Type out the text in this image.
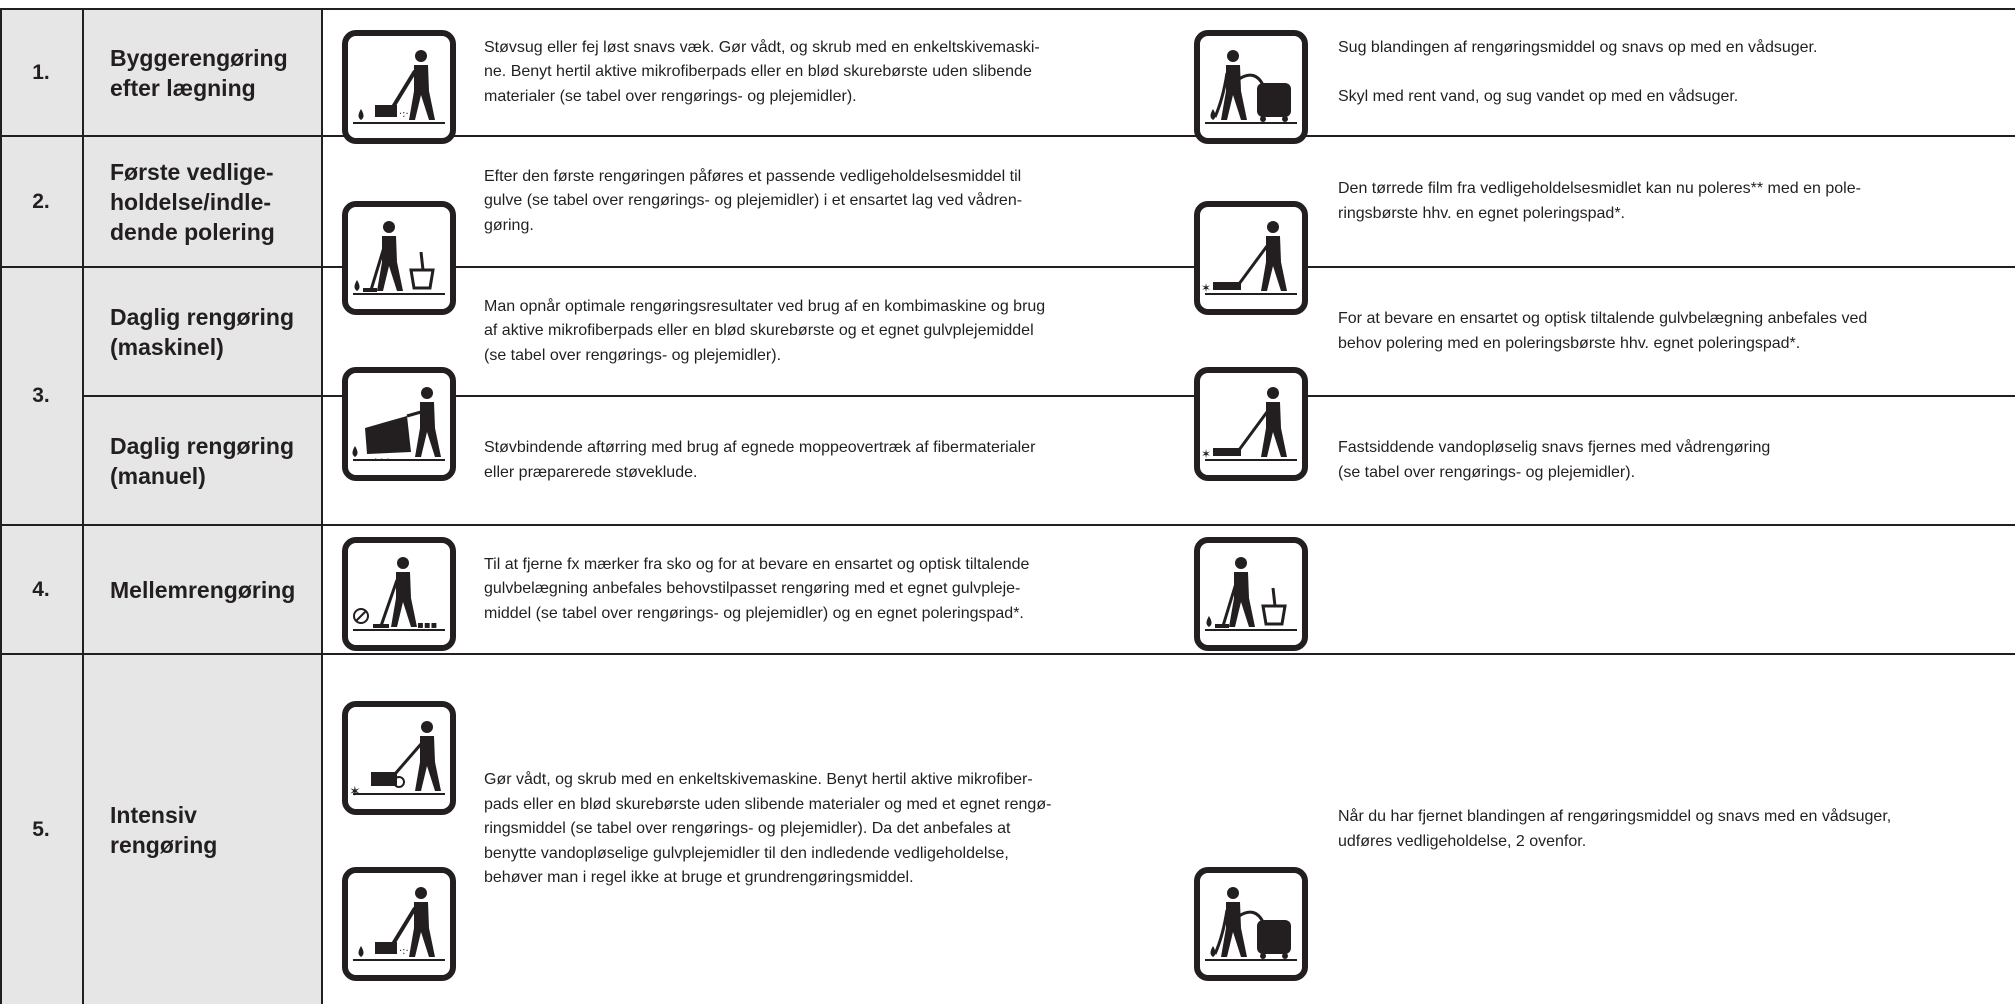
1.
Byggerengøring
efter lægning
·:·
Støvsug eller fej løst snavs væk. Gør vådt, og skrub med en enkeltskivemaski-
ne. Benyt hertil aktive mikrofiberpads eller en blød skurebørste uden slibende
materialer (se tabel over rengørings- og plejemidler).
Sug blandingen af rengøringsmiddel og snavs op med en vådsuger.

Skyl med rent vand, og sug vandet op med en vådsuger.
2.
Første vedlige-
holdelse/indle-
dende polering
Efter den første rengøringen påføres et passende vedligeholdelsesmiddel til
gulve (se tabel over rengørings- og plejemidler) i et ensartet lag ved vådren-
gøring.
✶
Den tørrede film fra vedligeholdelsesmidlet kan nu poleres** med en pole-
ringsbørste hhv. en egnet poleringspad*.
3.
Daglig rengøring
(maskinel)
-·-·-·
Man opnår optimale rengøringsresultater ved brug af en kombimaskine og brug
af aktive mikrofiberpads eller en blød skurebørste og et egnet gulvplejemiddel
(se tabel over rengørings- og plejemidler).
✶
For at bevare en ensartet og optisk tiltalende gulvbelægning anbefales ved
behov polering med en poleringsbørste hhv. egnet poleringspad*.
Daglig rengøring
(manuel)
▪▪▪
Støvbindende aftørring med brug af egnede moppeovertræk af fibermaterialer
eller præparerede støveklude.
Fastsiddende vandopløselig snavs fjernes med vådrengøring
(se tabel over rengørings- og plejemidler).
4.	Mellemrengøring
✶
Til at fjerne fx mærker fra sko og for at bevare en ensartet og optisk tiltalende
gulvbelægning anbefales behovstilpasset rengøring med et egnet gulvpleje-
middel (se tabel over rengørings- og plejemidler) og en egnet poleringspad*.
5.
Intensiv
rengøring
·:·
Gør vådt, og skrub med en enkeltskivemaskine. Benyt hertil aktive mikrofiber-
pads eller en blød skurebørste uden slibende materialer og med et egnet rengø-
ringsmiddel (se tabel over rengørings- og plejemidler). Da det anbefales at
benytte vandopløselige gulvplejemidler til den indledende vedligeholdelse,
behøver man i regel ikke at bruge et grundrengøringsmiddel.
Når du har fjernet blandingen af rengøringsmiddel og snavs med en vådsuger,
udføres vedligeholdelse, 2 ovenfor.
